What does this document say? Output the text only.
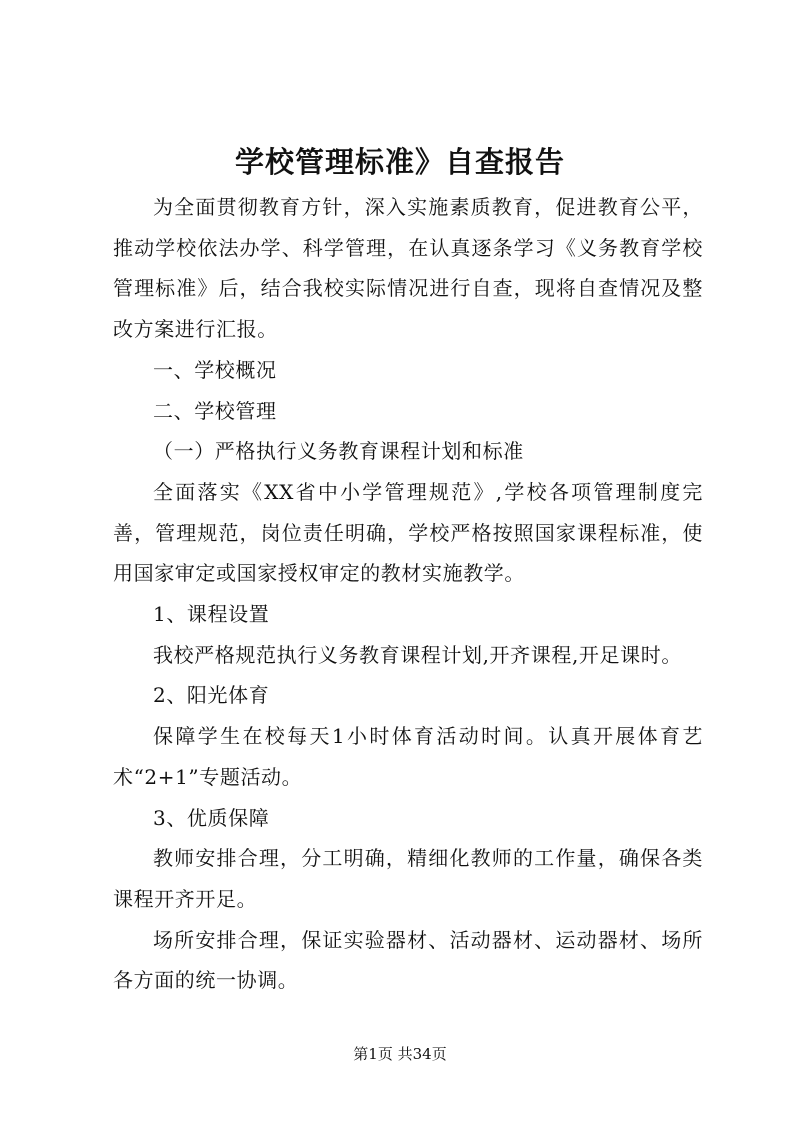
学校管理标准》自查报告

为全面贯彻教育方针，深入实施素质教育，促进教育公平，推动学校依法办学、科学管理，在认真逐条学习《义务教育学校管理标准》后，结合我校实际情况进行自查，现将自查情况及整改方案进行汇报。

一、学校概况

二、学校管理

（一）严格执行义务教育课程计划和标准

全面落实《XX省中小学管理规范》,学校各项管理制度完善，管理规范，岗位责任明确，学校严格按照国家课程标准，使用国家审定或国家授权审定的教材实施教学。

1、课程设置

我校严格规范执行义务教育课程计划,开齐课程,开足课时。

2、阳光体育

保障学生在校每天1小时体育活动时间。认真开展体育艺术“2+1”专题活动。

3、优质保障

教师安排合理，分工明确，精细化教师的工作量，确保各类课程开齐开足。

场所安排合理，保证实验器材、活动器材、运动器材、场所各方面的统一协调。

第1页 共34页
